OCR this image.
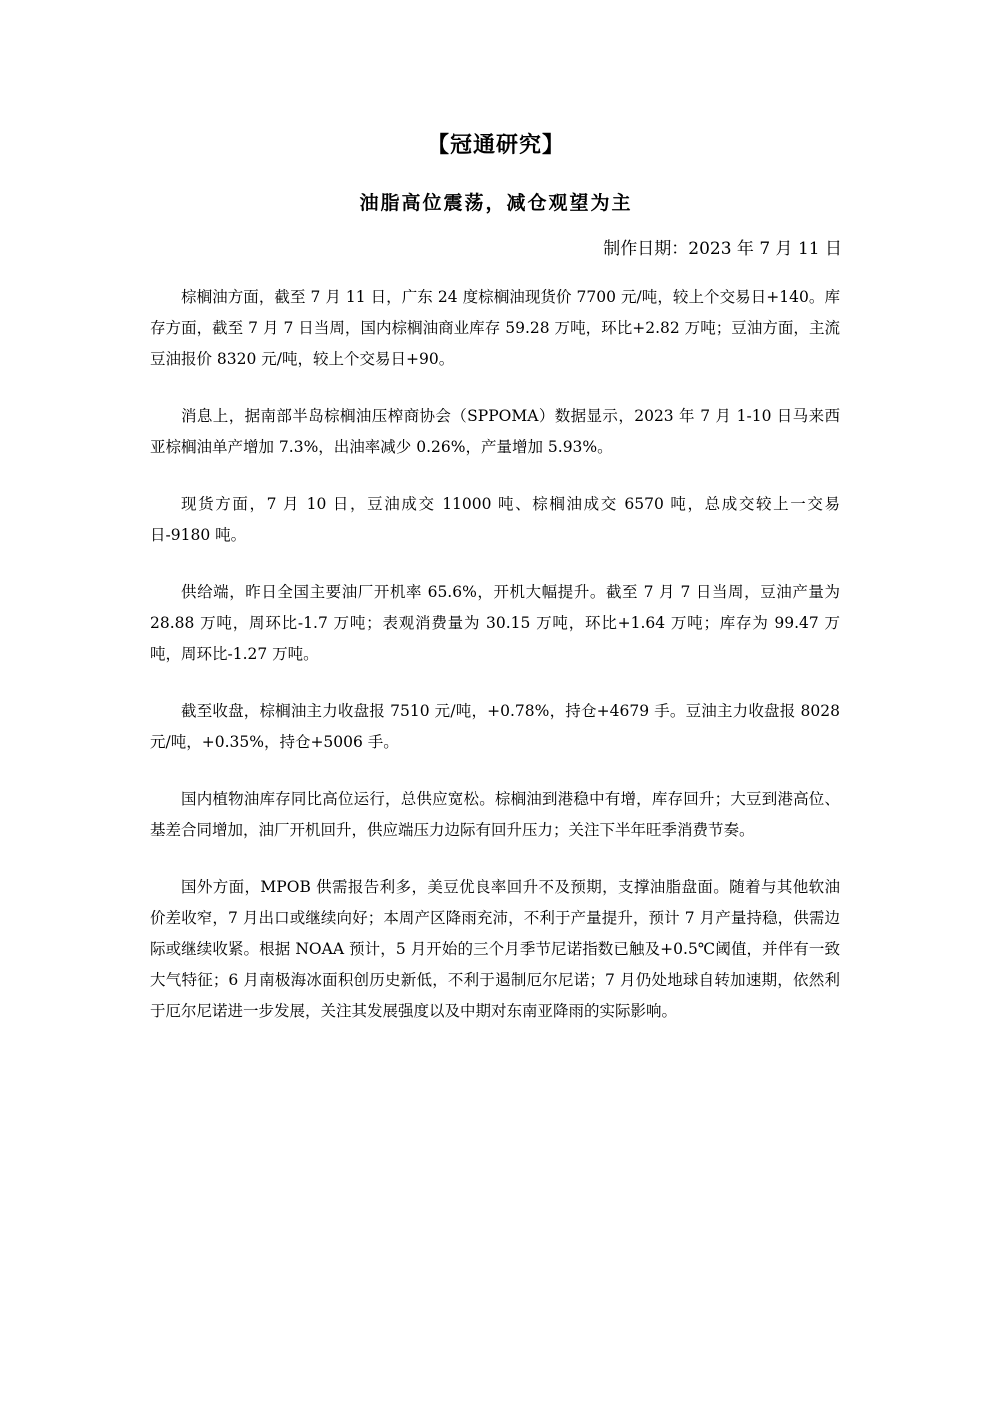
【冠通研究】
油脂高位震荡，减仓观望为主
制作日期：2023 年 7 月 11 日

棕榈油方面，截至 7 月 11 日，广东 24 度棕榈油现货价 7700 元/吨，较上个交易日+140。库存方面，截至 7 月 7 日当周，国内棕榈油商业库存 59.28 万吨，环比+2.82 万吨；豆油方面，主流豆油报价 8320 元/吨，较上个交易日+90。

消息上，据南部半岛棕榈油压榨商协会（SPPOMA）数据显示，2023 年 7 月 1-10 日马来西亚棕榈油单产增加 7.3%，出油率减少 0.26%，产量增加 5.93%。

现货方面，7 月 10 日，豆油成交 11000 吨、棕榈油成交 6570 吨，总成交较上一交易日-9180 吨。

供给端，昨日全国主要油厂开机率 65.6%，开机大幅提升。截至 7 月 7 日当周，豆油产量为 28.88 万吨，周环比-1.7 万吨；表观消费量为 30.15 万吨，环比+1.64 万吨；库存为 99.47 万吨，周环比-1.27 万吨。

截至收盘，棕榈油主力收盘报 7510 元/吨，+0.78%，持仓+4679 手。豆油主力收盘报 8028 元/吨，+0.35%，持仓+5006 手。

国内植物油库存同比高位运行，总供应宽松。棕榈油到港稳中有增，库存回升；大豆到港高位、基差合同增加，油厂开机回升，供应端压力边际有回升压力；关注下半年旺季消费节奏。

国外方面，MPOB 供需报告利多，美豆优良率回升不及预期，支撑油脂盘面。随着与其他软油价差收窄，7 月出口或继续向好；本周产区降雨充沛，不利于产量提升，预计 7 月产量持稳，供需边际或继续收紧。根据 NOAA 预计，5 月开始的三个月季节尼诺指数已触及+0.5℃阈值，并伴有一致大气特征；6 月南极海冰面积创历史新低，不利于遏制厄尔尼诺；7 月仍处地球自转加速期，依然利于厄尔尼诺进一步发展，关注其发展强度以及中期对东南亚降雨的实际影响。
